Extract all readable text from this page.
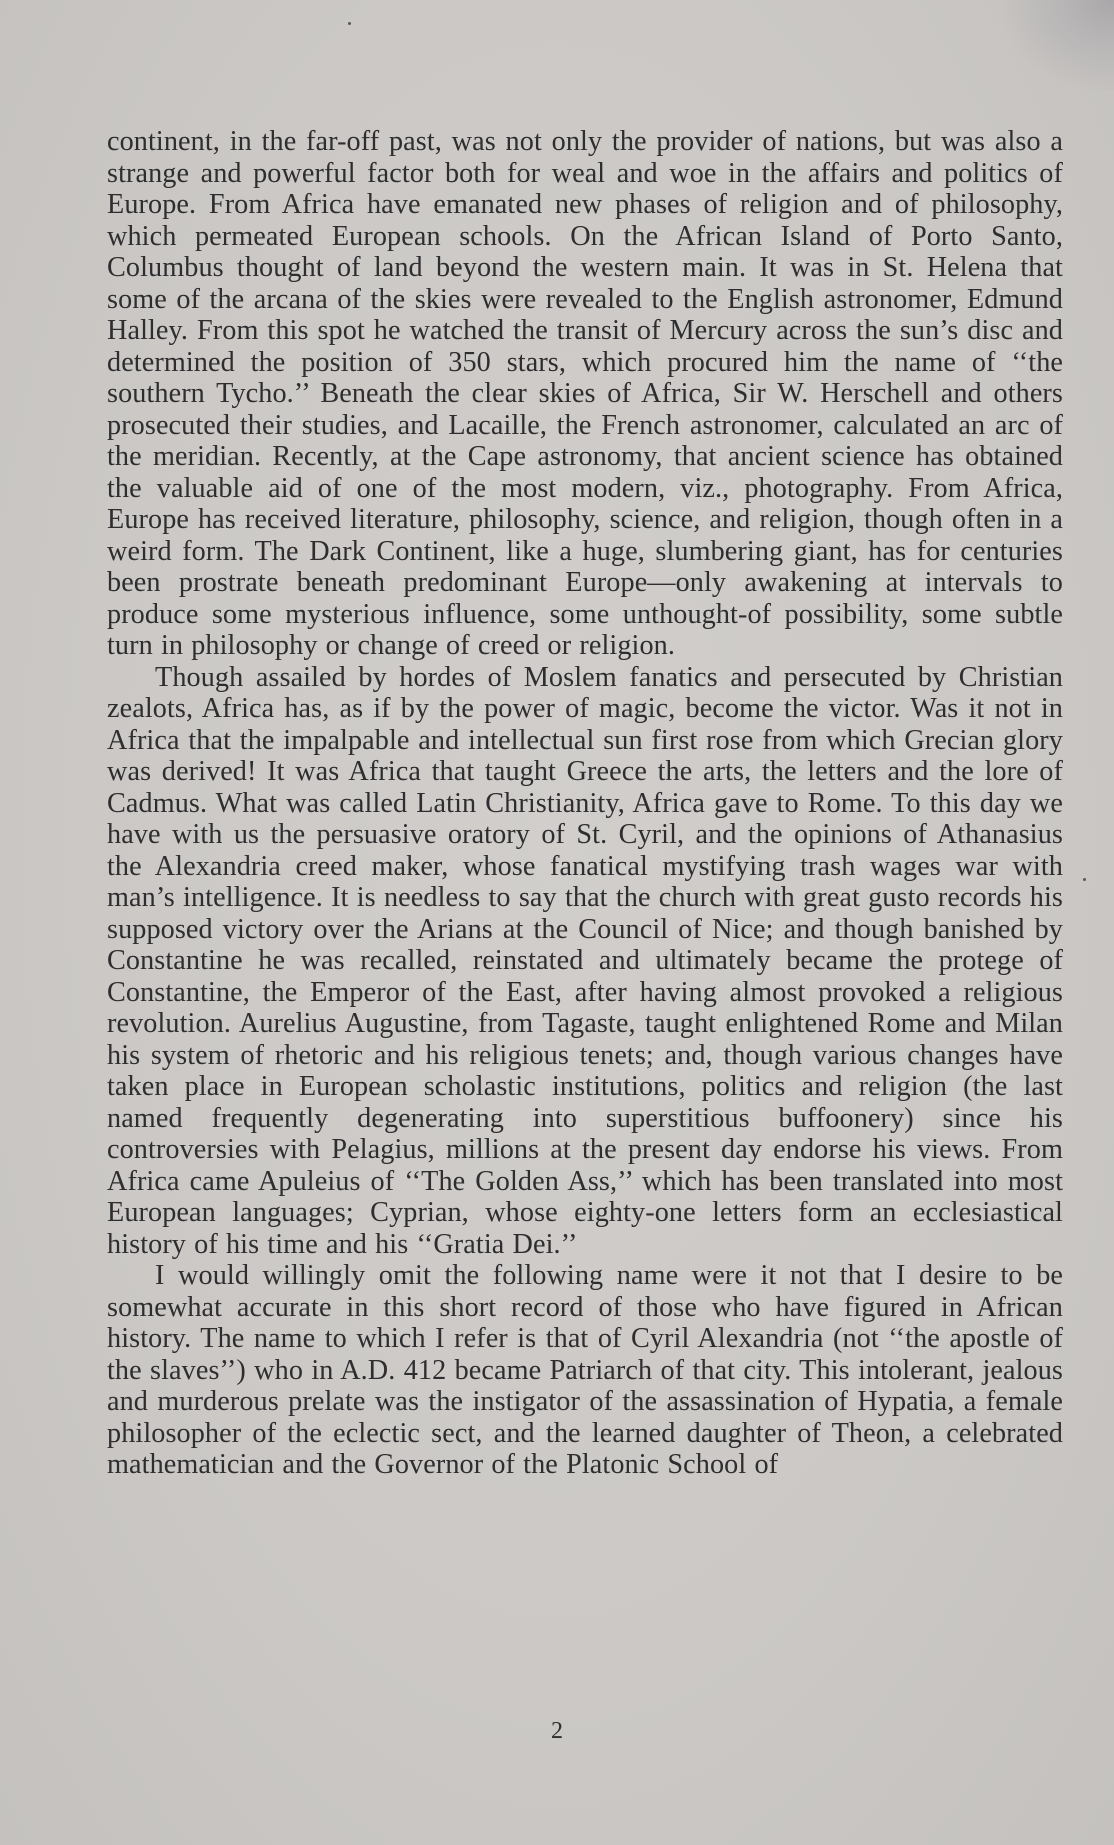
continent, in the far-off past, was not only the provider of nations, but was also a strange and powerful factor both for weal and woe in the affairs and politics of Europe. From Africa have emanated new phases of religion and of philosophy, which permeated European schools. On the African Island of Porto Santo, Columbus thought of land beyond the western main. It was in St. Helena that some of the arcana of the skies were revealed to the English astronomer, Edmund Halley. From this spot he watched the transit of Mercury across the sun’s disc and determined the position of 350 stars, which procured him the name of ‘‘the southern Tycho.’’ Beneath the clear skies of Africa, Sir W. Herschell and others prosecuted their studies, and Lacaille, the French astronomer, calculated an arc of the meridian. Recently, at the Cape astronomy, that ancient science has obtained the valuable aid of one of the most modern, viz., photography. From Africa, Europe has received literature, philosophy, science, and religion, though often in a weird form. The Dark Continent, like a huge, slumbering giant, has for centuries been prostrate beneath predominant Europe—only awakening at intervals to produce some mysterious influence, some unthought-of possibility, some subtle turn in philosophy or change of creed or religion.

Though assailed by hordes of Moslem fanatics and persecuted by Christian zealots, Africa has, as if by the power of magic, become the victor. Was it not in Africa that the impalpable and intellectual sun first rose from which Grecian glory was derived! It was Africa that taught Greece the arts, the letters and the lore of Cadmus. What was called Latin Christianity, Africa gave to Rome. To this day we have with us the persuasive oratory of St. Cyril, and the opinions of Athanasius the Alexandria creed maker, whose fanatical mystifying trash wages war with man’s intelligence. It is needless to say that the church with great gusto records his supposed victory over the Arians at the Council of Nice; and though banished by Constantine he was recalled, reinstated and ultimately became the protege of Constantine, the Emperor of the East, after having almost provoked a religious revolution. Aurelius Augustine, from Tagaste, taught enlightened Rome and Milan his system of rhetoric and his religious tenets; and, though various changes have taken place in European scholastic institutions, politics and religion (the last named frequently degenerating into superstitious buffoonery) since his controversies with Pelagius, millions at the present day endorse his views. From Africa came Apuleius of ‘‘The Golden Ass,’’ which has been translated into most European languages; Cyprian, whose eighty-one letters form an ecclesiastical history of his time and his ‘‘Gratia Dei.’’

I would willingly omit the following name were it not that I desire to be somewhat accurate in this short record of those who have figured in African history. The name to which I refer is that of Cyril Alexandria (not ‘‘the apostle of the slaves’’) who in A.D. 412 became Patriarch of that city. This intolerant, jealous and murderous prelate was the instigator of the assassination of Hypatia, a female philosopher of the eclectic sect, and the learned daughter of Theon, a celebrated mathematician and the Governor of the Platonic School of

2
